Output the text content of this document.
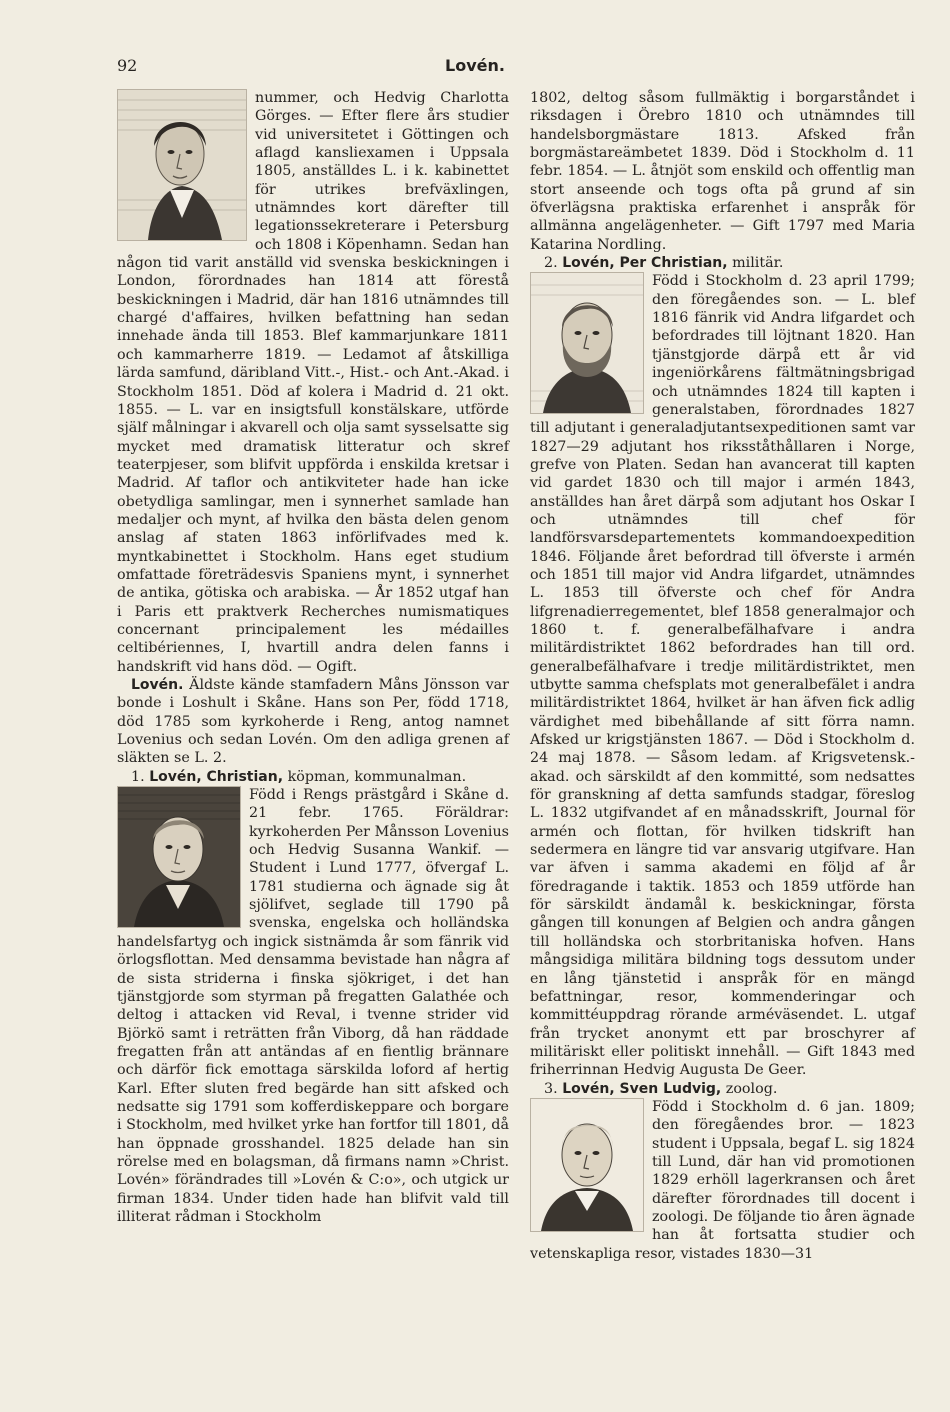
92	Lovén.

nummer, och Hedvig Charlotta Görges. — Efter flere års studier vid universitetet i Göttingen och aflagd kansliexamen i Uppsala 1805, anställdes L. i k. kabinettet för utrikes brefväxlingen, utnämndes kort därefter till legationssekreterare i Petersburg och 1808 i Köpenhamn. Sedan han någon tid varit anställd vid svenska beskickningen i London, förordnades han 1814 att förestå beskickningen i Madrid, där han 1816 utnämndes till chargé d'affaires, hvilken befattning han sedan innehade ända till 1853. Blef kammarjunkare 1811 och kammarherre 1819. — Ledamot af åtskilliga lärda samfund, däribland Vitt.-, Hist.- och Ant.-Akad. i Stockholm 1851. Död af kolera i Madrid d. 21 okt. 1855. — L. var en insigtsfull konstälskare, utförde själf målningar i akvarell och olja samt sysselsatte sig mycket med dramatisk litteratur och skref teaterpjeser, som blifvit uppförda i enskilda kretsar i Madrid. Af taflor och antikviteter hade han icke obetydliga samlingar, men i synnerhet samlade han medaljer och mynt, af hvilka den bästa delen genom anslag af staten 1863 införlifvades med k. myntkabinettet i Stockholm. Hans eget studium omfattade företrädesvis Spaniens mynt, i synnerhet de antika, götiska och arabiska. — År 1852 utgaf han i Paris ett praktverk Recherches numismatiques concernant principalement les médailles celtibériennes, I, hvartill andra delen fanns i handskrift vid hans död. — Ogift.

Lovén. Äldste kände stamfadern Måns Jönsson var bonde i Loshult i Skåne. Hans son Per, född 1718, död 1785 som kyrkoherde i Reng, antog namnet Lovenius och sedan Lovén. Om den adliga grenen af släkten se L. 2.

1. Lovén, Christian, köpman, kommunalman.

Född i Rengs prästgård i Skåne d. 21 febr. 1765. Föräldrar: kyrkoherden Per Månsson Lovenius och Hedvig Susanna Wankif. — Student i Lund 1777, öfvergaf L. 1781 studierna och ägnade sig åt sjölifvet, seglade till 1790 på svenska, engelska och holländska handelsfartyg och ingick sistnämda år som fänrik vid örlogsflottan. Med densamma bevistade han några af de sista striderna i finska sjökriget, i det han tjänstgjorde som styrman på fregatten Galathée och deltog i attacken vid Reval, i tvenne strider vid Björkö samt i reträtten från Viborg, då han räddade fregatten från att antändas af en fientlig brännare och därför fick emottaga särskilda loford af hertig Karl. Efter sluten fred begärde han sitt afsked och nedsatte sig 1791 som kofferdiskeppare och borgare i Stockholm, med hvilket yrke han fortfor till 1801, då han öppnade grosshandel. 1825 delade han sin rörelse med en bolagsman, då firmans namn »Christ. Lovén» förändrades till »Lovén & C:o», och utgick ur firman 1834. Under tiden hade han blifvit vald till illiterat rådman i Stockholm

1802, deltog såsom fullmäktig i borgarståndet i riksdagen i Örebro 1810 och utnämndes till handelsborgmästare 1813. Afsked från borgmästareämbetet 1839. Död i Stockholm d. 11 febr. 1854. — L. åtnjöt som enskild och offentlig man stort anseende och togs ofta på grund af sin öfverlägsna praktiska erfarenhet i anspråk för allmänna angelägenheter. — Gift 1797 med Maria Katarina Nordling.

2. Lovén, Per Christian, militär.

Född i Stockholm d. 23 april 1799; den föregåendes son. — L. blef 1816 fänrik vid Andra lifgardet och befordrades till löjtnant 1820. Han tjänstgjorde därpå ett år vid ingeniörkårens fältmätningsbrigad och utnämndes 1824 till kapten i generalstaben, förordnades 1827 till adjutant i generaladjutantsexpeditionen samt var 1827—29 adjutant hos riksståthållaren i Norge, grefve von Platen. Sedan han avancerat till kapten vid gardet 1830 och till major i armén 1843, anställdes han året därpå som adjutant hos Oskar I och utnämndes till chef för landförsvarsdepartementets kommandoexpedition 1846. Följande året befordrad till öfverste i armén och 1851 till major vid Andra lifgardet, utnämndes L. 1853 till öfverste och chef för Andra lifgrenadierregementet, blef 1858 generalmajor och 1860 t. f. generalbefälhafvare i andra militärdistriktet 1862 befordrades han till ord. generalbefälhafvare i tredje militärdistriktet, men utbytte samma chefsplats mot generalbefälet i andra militärdistriktet 1864, hvilket är han äfven fick adlig värdighet med bibehållande af sitt förra namn. Afsked ur krigstjänsten 1867. — Död i Stockholm d. 24 maj 1878. — Såsom ledam. af Krigsvetensk.-akad. och särskildt af den kommitté, som nedsattes för granskning af detta samfunds stadgar, föreslog L. 1832 utgifvandet af en månadsskrift, Journal för armén och flottan, för hvilken tidskrift han sedermera en längre tid var ansvarig utgifvare. Han var äfven i samma akademi en följd af år föredragande i taktik. 1853 och 1859 utförde han för särskildt ändamål k. beskickningar, första gången till konungen af Belgien och andra gången till holländska och storbritaniska hofven. Hans mångsidiga militära bildning togs dessutom under en lång tjänstetid i anspråk för en mängd befattningar, resor, kommenderingar och kommittéuppdrag rörande arméväsendet. L. utgaf från trycket anonymt ett par broschyrer af militäriskt eller politiskt innehåll. — Gift 1843 med friherrinnan Hedvig Augusta De Geer.

3. Lovén, Sven Ludvig, zoolog.

Född i Stockholm d. 6 jan. 1809; den föregåendes bror. — 1823 student i Uppsala, begaf L. sig 1824 till Lund, där han vid promotionen 1829 erhöll lagerkransen och året därefter förordnades till docent i zoologi. De följande tio åren ägnade han åt fortsatta studier och vetenskapliga resor, vistades 1830—31
